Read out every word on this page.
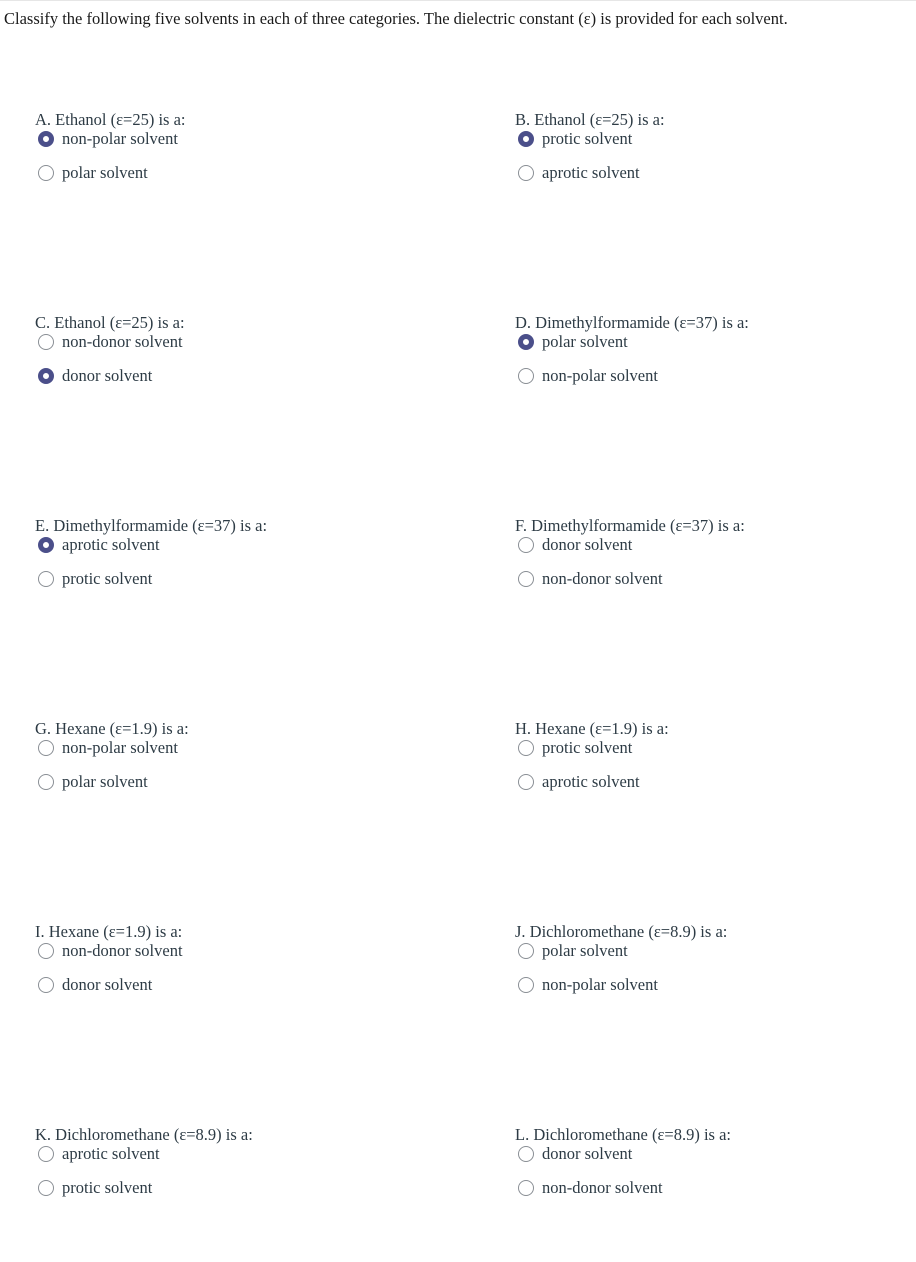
Classify the following five solvents in each of three categories. The dielectric constant (ε) is provided for each solvent.
A. Ethanol (ε=25) is a:
non-polar solvent
polar solvent
B. Ethanol (ε=25) is a:
protic solvent
aprotic solvent
C. Ethanol (ε=25) is a:
non-donor solvent
donor solvent
D. Dimethylformamide (ε=37) is a:
polar solvent
non-polar solvent
E. Dimethylformamide (ε=37) is a:
aprotic solvent
protic solvent
F. Dimethylformamide (ε=37) is a:
donor solvent
non-donor solvent
G. Hexane (ε=1.9) is a:
non-polar solvent
polar solvent
H. Hexane (ε=1.9) is a:
protic solvent
aprotic solvent
I. Hexane (ε=1.9) is a:
non-donor solvent
donor solvent
J. Dichloromethane (ε=8.9) is a:
polar solvent
non-polar solvent
K. Dichloromethane (ε=8.9) is a:
aprotic solvent
protic solvent
L. Dichloromethane (ε=8.9) is a:
donor solvent
non-donor solvent
